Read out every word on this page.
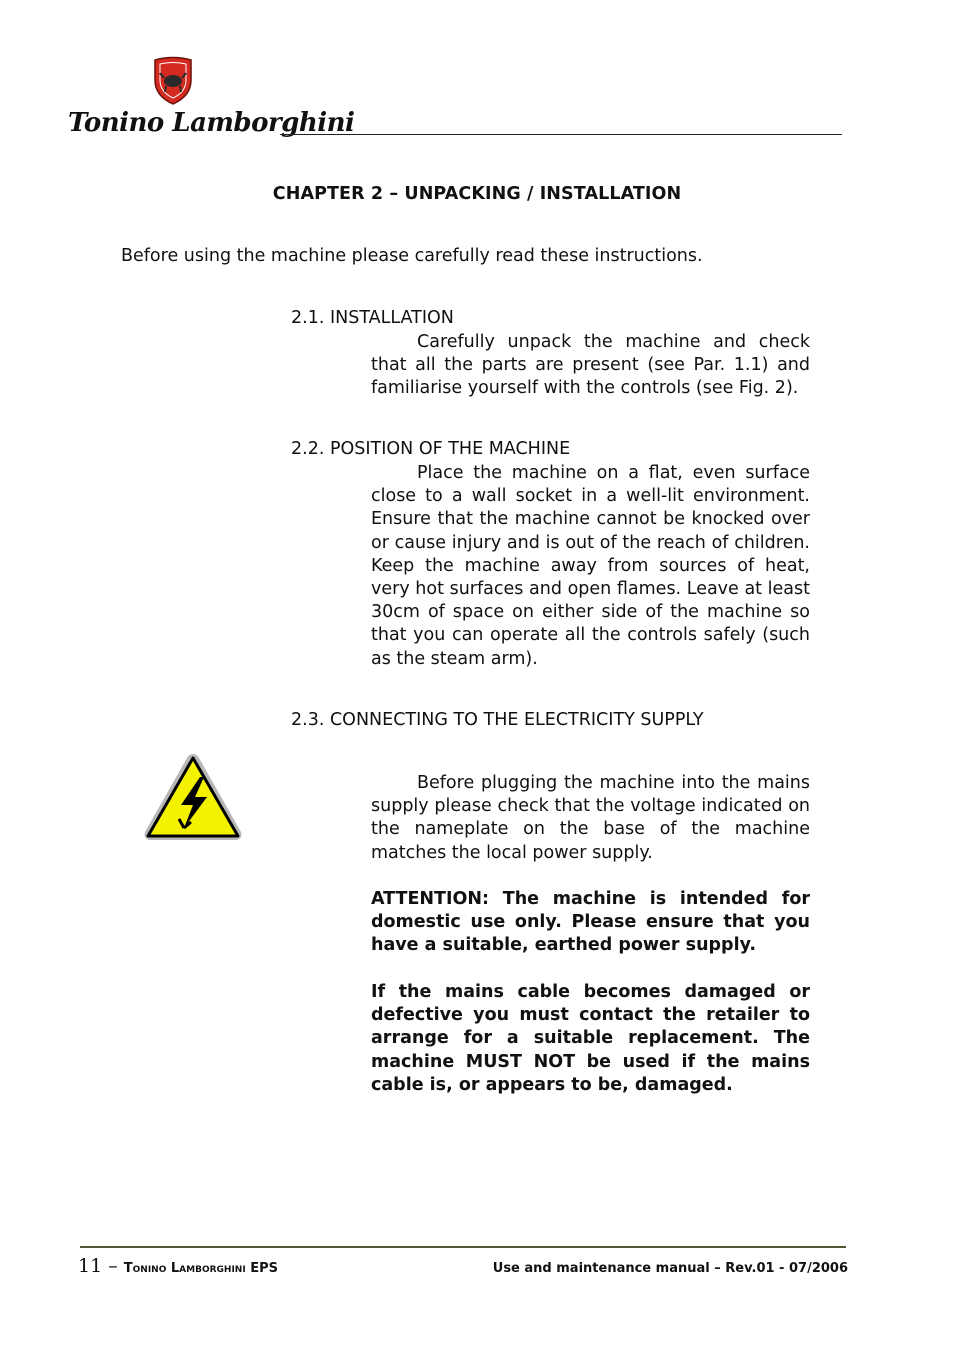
Tonino Lamborghini
CHAPTER 2 – UNPACKING / INSTALLATION
Before using the machine please carefully read these instructions.
2.1. INSTALLATION
Carefully unpack the machine and check that all the parts are present (see Par. 1.1) and familiarise yourself with the controls (see Fig. 2).
2.2. POSITION OF THE MACHINE
Place the machine on a flat, even surface close to a wall socket in a well-lit environment. Ensure that the machine cannot be knocked over or cause injury and is out of the reach of children. Keep the machine away from sources of heat, very hot surfaces and open flames. Leave at least 30cm of space on either side of the machine so that you can operate all the controls safely (such as the steam arm).
2.3. CONNECTING TO THE ELECTRICITY SUPPLY
Before plugging the machine into the mains supply please check that the voltage indicated on the nameplate on the base of the machine matches the local power supply.
ATTENTION: The machine is intended for domestic use only. Please ensure that you have a suitable, earthed power supply.
If the mains cable becomes damaged or defective you must contact the retailer to arrange for a suitable replacement. The machine MUST NOT be used if the mains cable is, or appears to be, damaged.
11 – Tonino Lamborghini EPS	Use and maintenance manual – Rev.01 - 07/2006
